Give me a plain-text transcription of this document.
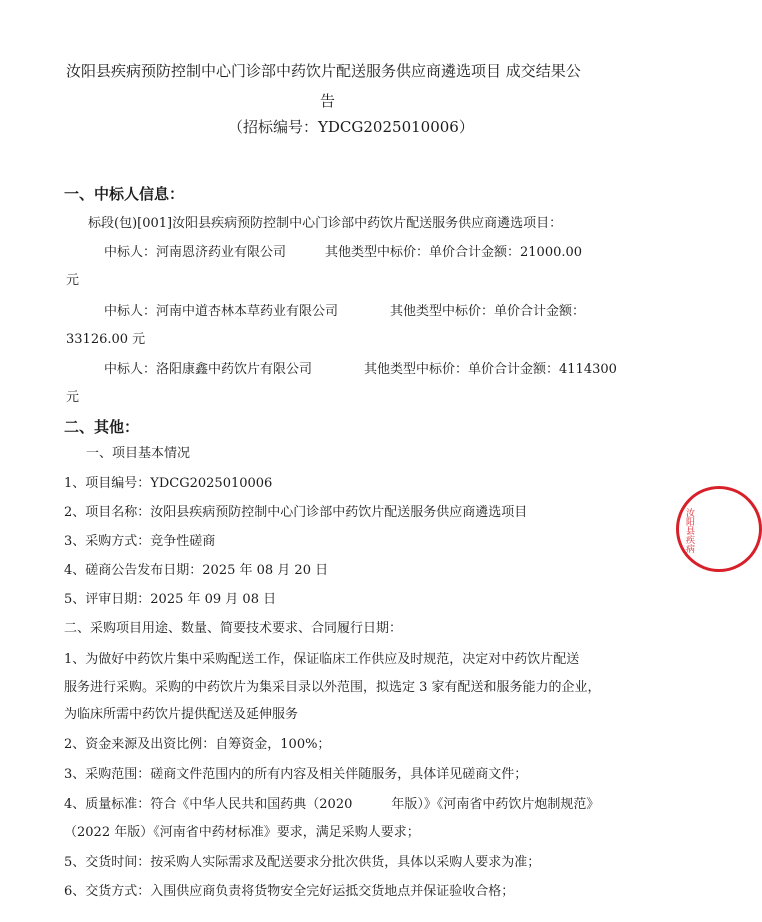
汝阳县疾病预防控制中心门诊部中药饮片配送服务供应商遴选项目 成交结果公
告
（招标编号：YDCG2025010006）
一、中标人信息：
标段(包)[001]汝阳县疾病预防控制中心门诊部中药饮片配送服务供应商遴选项目：
中标人：河南恩济药业有限公司　　　其他类型中标价：单价合计金额：21000.00
元
中标人：河南中道杏林本草药业有限公司　　　　其他类型中标价：单价合计金额：
33126.00 元
中标人：洛阳康鑫中药饮片有限公司　　　　其他类型中标价：单价合计金额：4114300
元
二、其他：
一、项目基本情况
1、项目编号：YDCG2025010006
2、项目名称：汝阳县疾病预防控制中心门诊部中药饮片配送服务供应商遴选项目
3、采购方式：竞争性磋商
4、磋商公告发布日期：2025 年 08 月 20 日
5、评审日期：2025 年 09 月 08 日
二、采购项目用途、数量、简要技术要求、合同履行日期：
1、为做好中药饮片集中采购配送工作，保证临床工作供应及时规范，决定对中药饮片配送
服务进行采购。采购的中药饮片为集采目录以外范围，拟选定 3 家有配送和服务能力的企业，
为临床所需中药饮片提供配送及延伸服务
2、资金来源及出资比例：自筹资金，100%；
3、采购范围：磋商文件范围内的所有内容及相关伴随服务，具体详见磋商文件；
4、质量标准：符合《中华人民共和国药典（2020　　　年版）》《河南省中药饮片炮制规范》
（2022 年版）《河南省中药材标准》要求，满足采购人要求；
5、交货时间：按采购人实际需求及配送要求分批次供货，具体以采购人要求为准；
6、交货方式：入围供应商负责将货物安全完好运抵交货地点并保证验收合格；
汝阳县疾病
